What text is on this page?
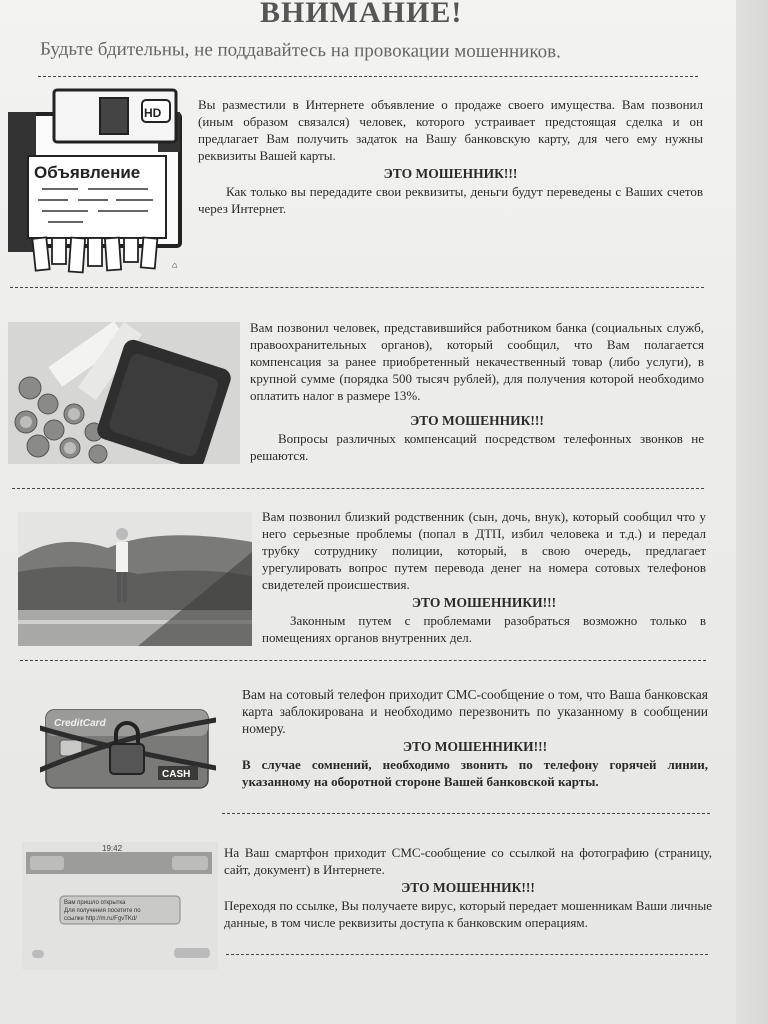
ВНИМАНИЕ!
Будьте бдительны, не поддавайтесь на провокации мошенников.
HD
Объявление
⌂

Вы разместили в Интернете объявление о продаже своего имущества. Вам позвонил (иным образом связался) человек, которого устраивает предстоящая сделка и он предлагает Вам получить задаток на Вашу банковскую карту, для чего ему нужны реквизиты Вашей карты.

ЭТО МОШЕННИК!!!

Как только вы передадите свои реквизиты, деньги будут переведены с Ваших счетов через Интернет.

Вам позвонил человек, представившийся работником банка (социальных служб, правоохранительных органов), который сообщил, что Вам полагается компенсация за ранее приобретенный некачественный товар (либо услуги), в крупной сумме (порядка 500 тысяч рублей), для получения которой необходимо оплатить налог в размере 13%.

ЭТО МОШЕННИК!!!

Вопросы различных компенсаций посредством телефонных звонков не решаются.

Вам позвонил близкий родственник (сын, дочь, внук), который сообщил что у него серьезные проблемы (попал в ДТП, избил человека и т.д.) и передал трубку сотруднику полиции, который, в свою очередь, предлагает урегулировать вопрос путем перевода денег на номера сотовых телефонов свидетелей происшествия.

ЭТО МОШЕННИКИ!!!

Законным путем с проблемами разобраться возможно только в помещениях органов внутренних дел.

CreditCard
CASH

Вам на сотовый телефон приходит СМС-сообщение о том, что Ваша банковская карта заблокирована и необходимо перезвонить по указанному в сообщении номеру.

ЭТО МОШЕННИКИ!!!

В случае сомнений, необходимо звонить по телефону горячей линии, указанному на оборотной стороне Вашей банковской карты.

19:42
Вам пришло открытка Для получения посетите по ссылке http://m.ru/FgvTKd/

На Ваш смартфон приходит СМС-сообщение со ссылкой на фотографию (страницу, сайт, документ) в Интернете.

ЭТО МОШЕННИК!!!

Переходя по ссылке, Вы получаете вирус, который передает мошенникам Ваши личные данные, в том числе реквизиты доступа к банковским операциям.
